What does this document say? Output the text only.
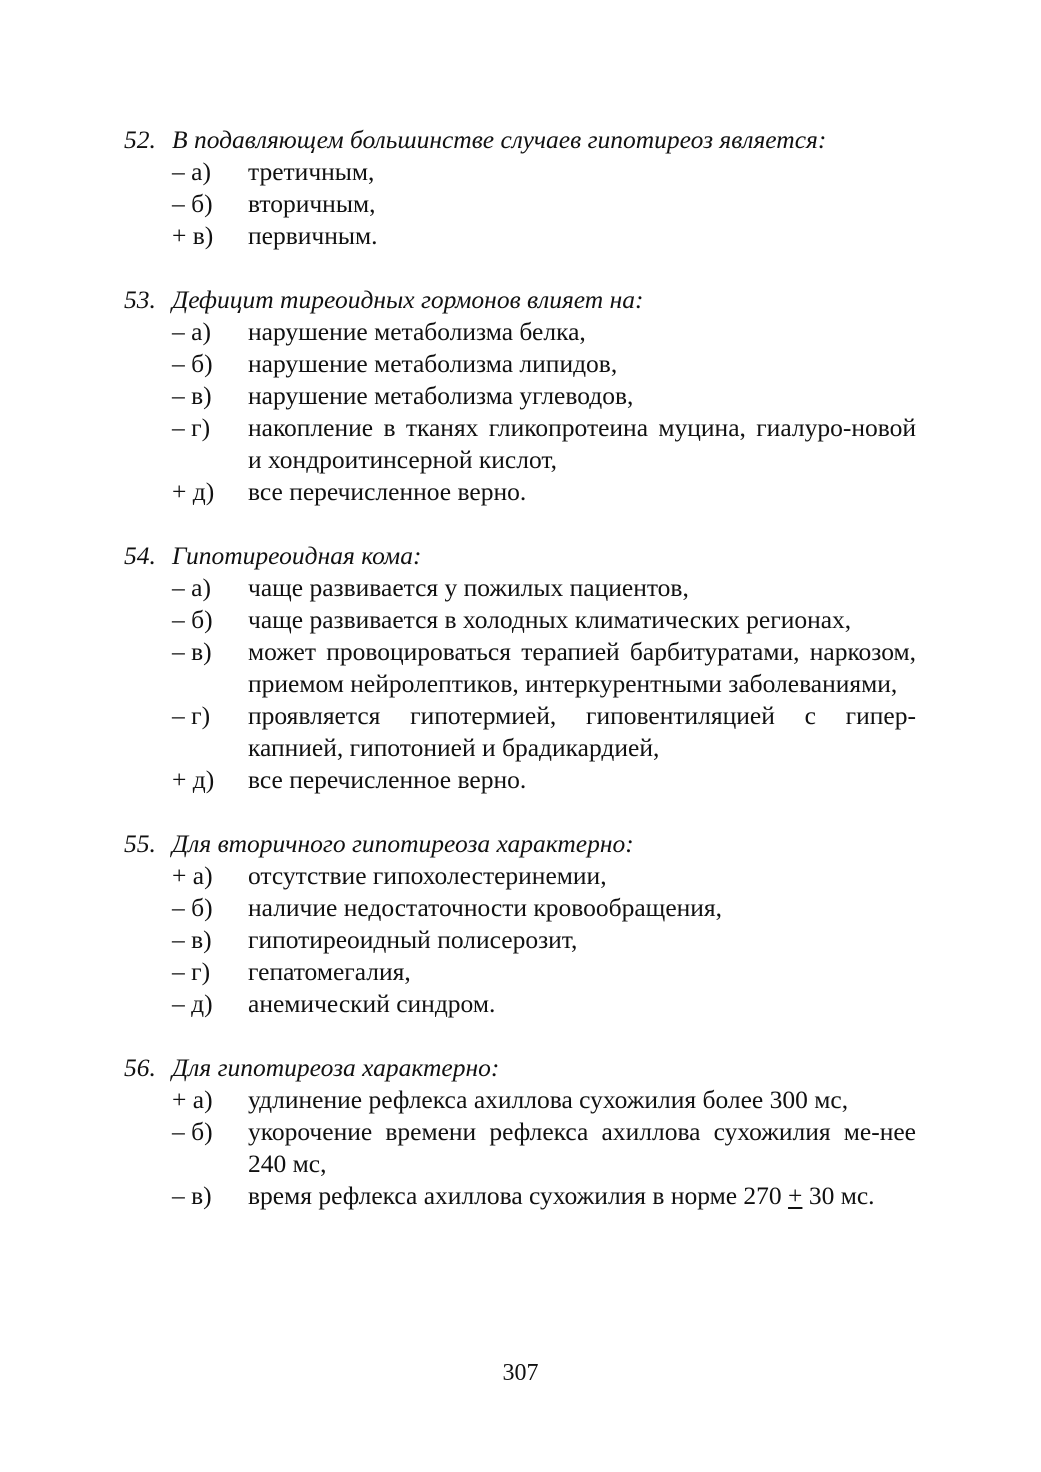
52. В подавляющем большинстве случаев гипотиреоз является:
– а)	третичным,
– б)	вторичным,
+ в)	первичным.
53. Дефицит тиреоидных гормонов влияет на:
– а)	нарушение метаболизма белка,
– б)	нарушение метаболизма липидов,
– в)	нарушение метаболизма углеводов,
– г)	накопление в тканях гликопротеина муцина, гиалуро-новой и хондроитинсерной кислот,
+ д)	все перечисленное верно.
54. Гипотиреоидная кома:
– а)	чаще развивается у пожилых пациентов,
– б)	чаще развивается в холодных климатических регионах,
– в)	может провоцироваться терапией барбитуратами, наркозом, приемом нейролептиков, интеркурентными заболеваниями,
– г)	проявляется гипотермией, гиповентиляцией с гипер-капнией, гипотонией и брадикардией,
+ д)	все перечисленное верно.
55. Для вторичного гипотиреоза характерно:
+ а)	отсутствие гипохолестеринемии,
– б)	наличие недостаточности кровообращения,
– в)	гипотиреоидный полисерозит,
– г)	гепатомегалия,
– д)	анемический синдром.
56. Для гипотиреоза характерно:
+ а)	удлинение рефлекса ахиллова сухожилия более 300 мс,
– б)	укорочение времени рефлекса ахиллова сухожилия ме-нее 240 мс,
– в)	время рефлекса ахиллова сухожилия в норме 270 + 30 мс.
307
